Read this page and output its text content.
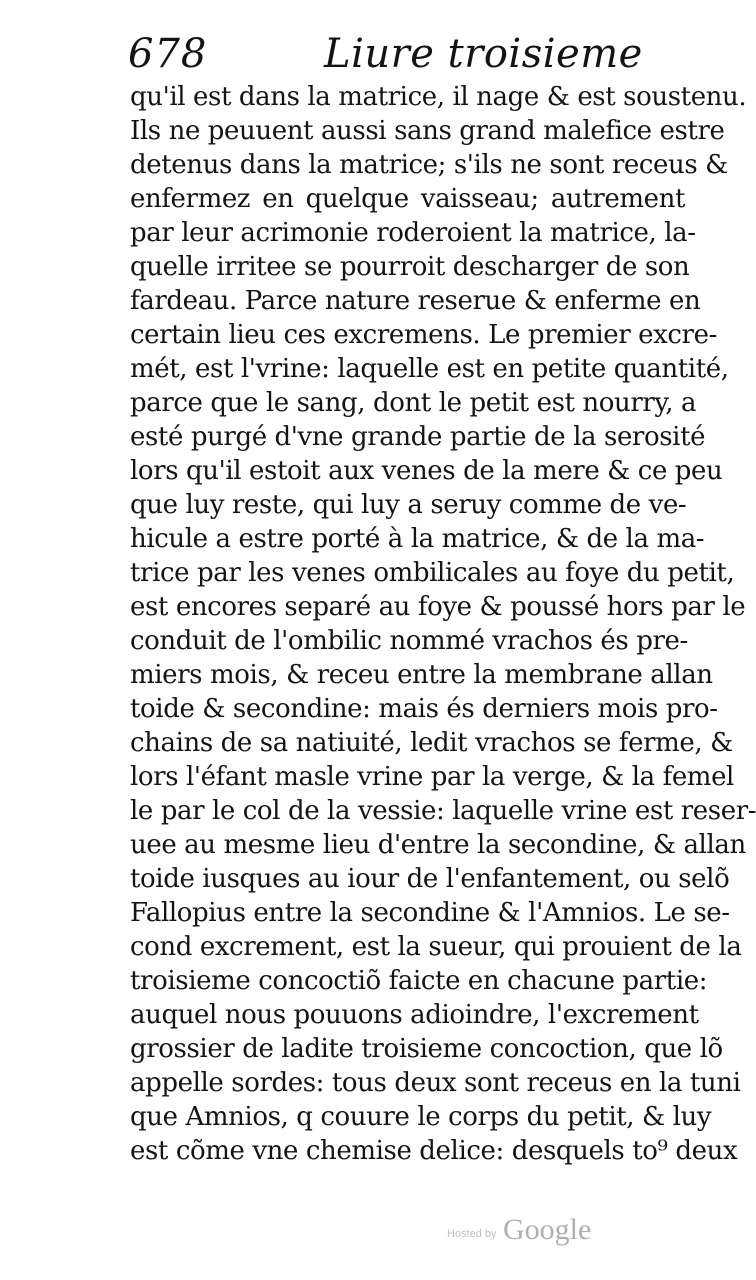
678	Liure troisieme
qu'il est dans la matrice, il nage & est soustenu.
Ils ne peuuent aussi sans grand malefice estre
detenus dans la matrice; s'ils ne sont receus &
enfermez en quelque vaisseau; autrement
par leur acrimonie roderoient la matrice, la-
quelle irritee se pourroit descharger de son
fardeau. Parce nature reserue & enferme en
certain lieu ces excremens. Le premier excre-
mét, est l'vrine: laquelle est en petite quantité,
parce que le sang, dont le petit est nourry, a
esté purgé d'vne grande partie de la serosité
lors qu'il estoit aux venes de la mere & ce peu
que luy reste, qui luy a seruy comme de ve-
hicule a estre porté à la matrice, & de la ma-
trice par les venes ombilicales au foye du petit,
est encores separé au foye & poussé hors par le
conduit de l'ombilic nommé vrachos és pre-
miers mois, & receu entre la membrane allan
toide & secondine: mais és derniers mois pro-
chains de sa natiuité, ledit vrachos se ferme, &
lors l'éfant masle vrine par la verge, & la femel
le par le col de la vessie: laquelle vrine est reser-
uee au mesme lieu d'entre la secondine, & allan
toide iusques au iour de l'enfantement, ou selõ
Fallopius entre la secondine & l'Amnios. Le se-
cond excrement, est la sueur, qui prouient de la
troisieme concoctiõ faicte en chacune partie:
auquel nous pouuons adioindre, l'excrement
grossier de ladite troisieme concoction, que lõ
appelle sordes: tous deux sont receus en la tuni
que Amnios, q couure le corps du petit, & luy
est cõme vne chemise delice: desquels to⁹ deux
Hosted by Google
